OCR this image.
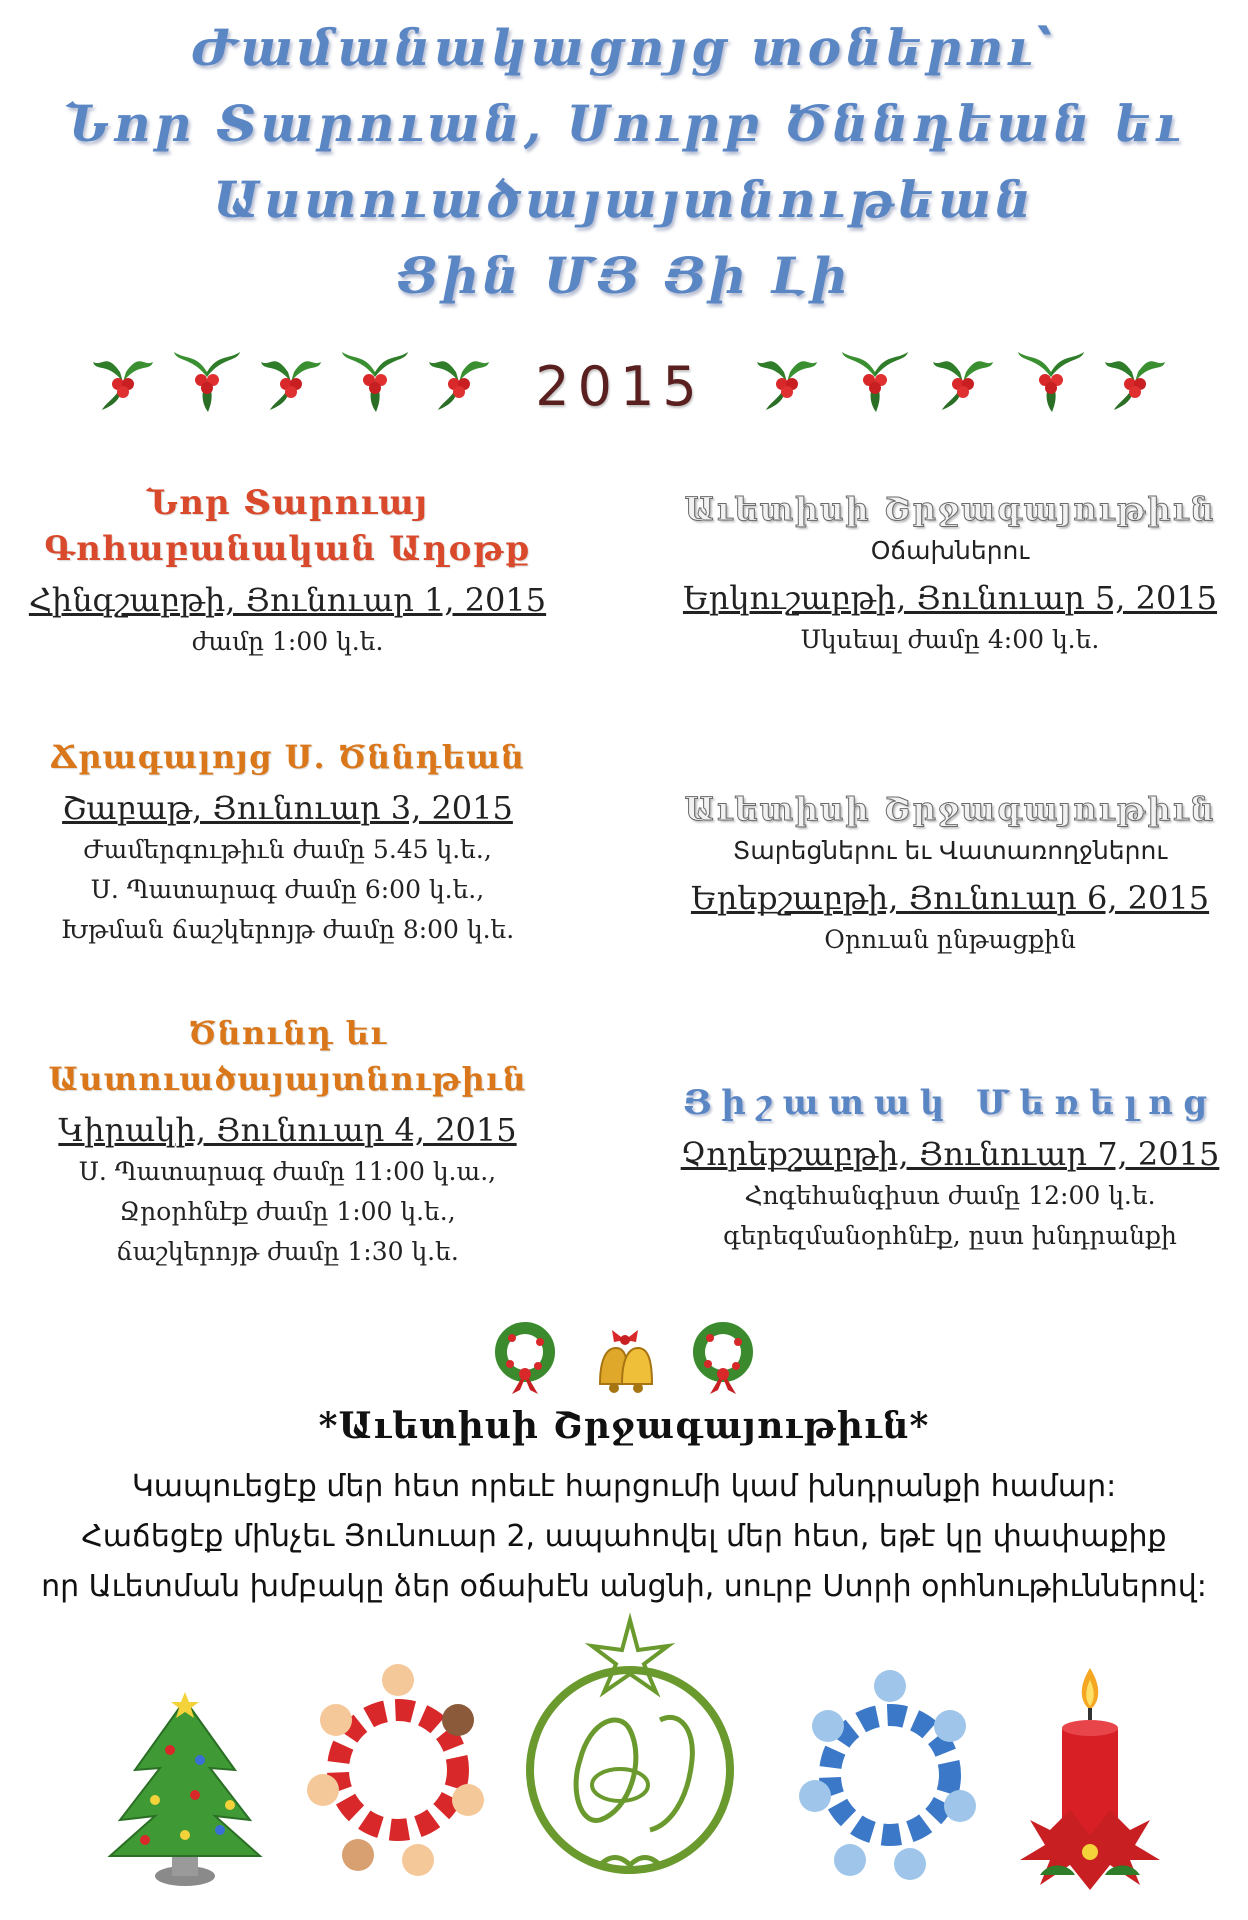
Ժամանակացոյց տօներու՝
Նոր Տարուան, Սուրբ Ծննդեան եւ
Աստուածայայտնութեան
Ցին ՄՅ Յի Լի
2015
Նոր Տարուայ Գոհաբանական Աղօթք
Հինգշաբթի, Յունուար 1, 2015
ժամը 1:00 կ.ե.
Ճրագալոյց Ս. Ծննդեան
Շաբաթ, Յունուար 3, 2015
Ժամերգութիւն ժամը 5.45 կ.ե.,
Ս. Պատարագ ժամը 6:00 կ.ե.,
Խթման ճաշկերոյթ ժամը 8:00 կ.ե.
Ծնունդ եւ Աստուածայայտնութիւն
Կիրակի, Յունուար 4, 2015
Ս. Պատարագ ժամը 11:00 կ.ա.,
Ջրօրհնէք ժամը 1:00 կ.ե.,
ճաշկերոյթ ժամը 1:30 կ.ե.
Աւետիսի Շրջագայութիւն
Օճախներու
Երկուշաբթի, Յունուար 5, 2015
Սկսեալ ժամը 4:00 կ.ե.
Աւետիսի Շրջագայութիւն
Տարեցներու եւ Վատառողջներու
Երեքշաբթի, Յունուար 6, 2015
Օրուան ընթացքին
Յիշատակ Մեռելոց
Չորեքշաբթի, Յունուար 7, 2015
Հոգեհանգիստ ժամը 12:00 կ.ե.
գերեզմանօրհնէք, ըստ խնդրանքի
*Աւետիսի Շրջագայութիւն*
Կապուեցէք մեր հետ որեւէ հարցումի կամ խնդրանքի համար:
Հաճեցէք մինչեւ Յունուար 2, ապահովել մեր հետ, եթէ կը փափաքիք
որ Աւետման խմբակը ձեր օճախէն անցնի, սուրբ Ստրի օրհնութիւններով:
